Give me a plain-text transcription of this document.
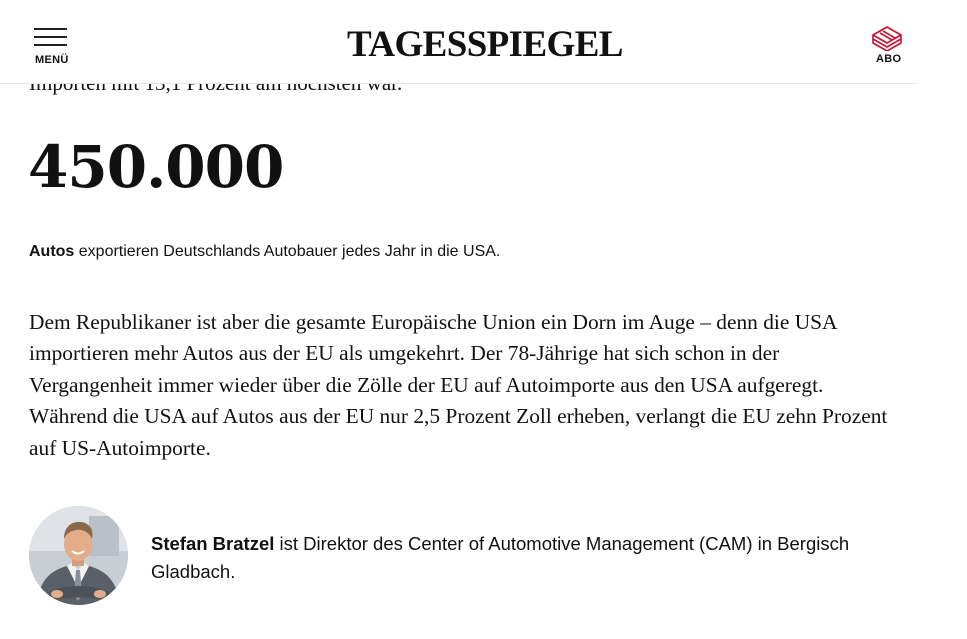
450.000

Autos exportieren Deutschlands Autobauer jedes Jahr in die USA.

Dem Republikaner ist aber die gesamte Europäische Union ein Dorn im Auge – denn die USA importieren mehr Autos aus der EU als umgekehrt. Der 78-Jährige hat sich schon in der Vergangenheit immer wieder über die Zölle der EU auf Autoimporte aus den USA aufgeregt. Während die USA auf Autos aus der EU nur 2,5 Prozent Zoll erheben, verlangt die EU zehn Prozent auf US-Autoimporte.

Stefan Bratzel ist Direktor des Center of Automotive Management (CAM) in Bergisch Gladbach.

MENÜ	TAGESSPIEGEL	ABO
